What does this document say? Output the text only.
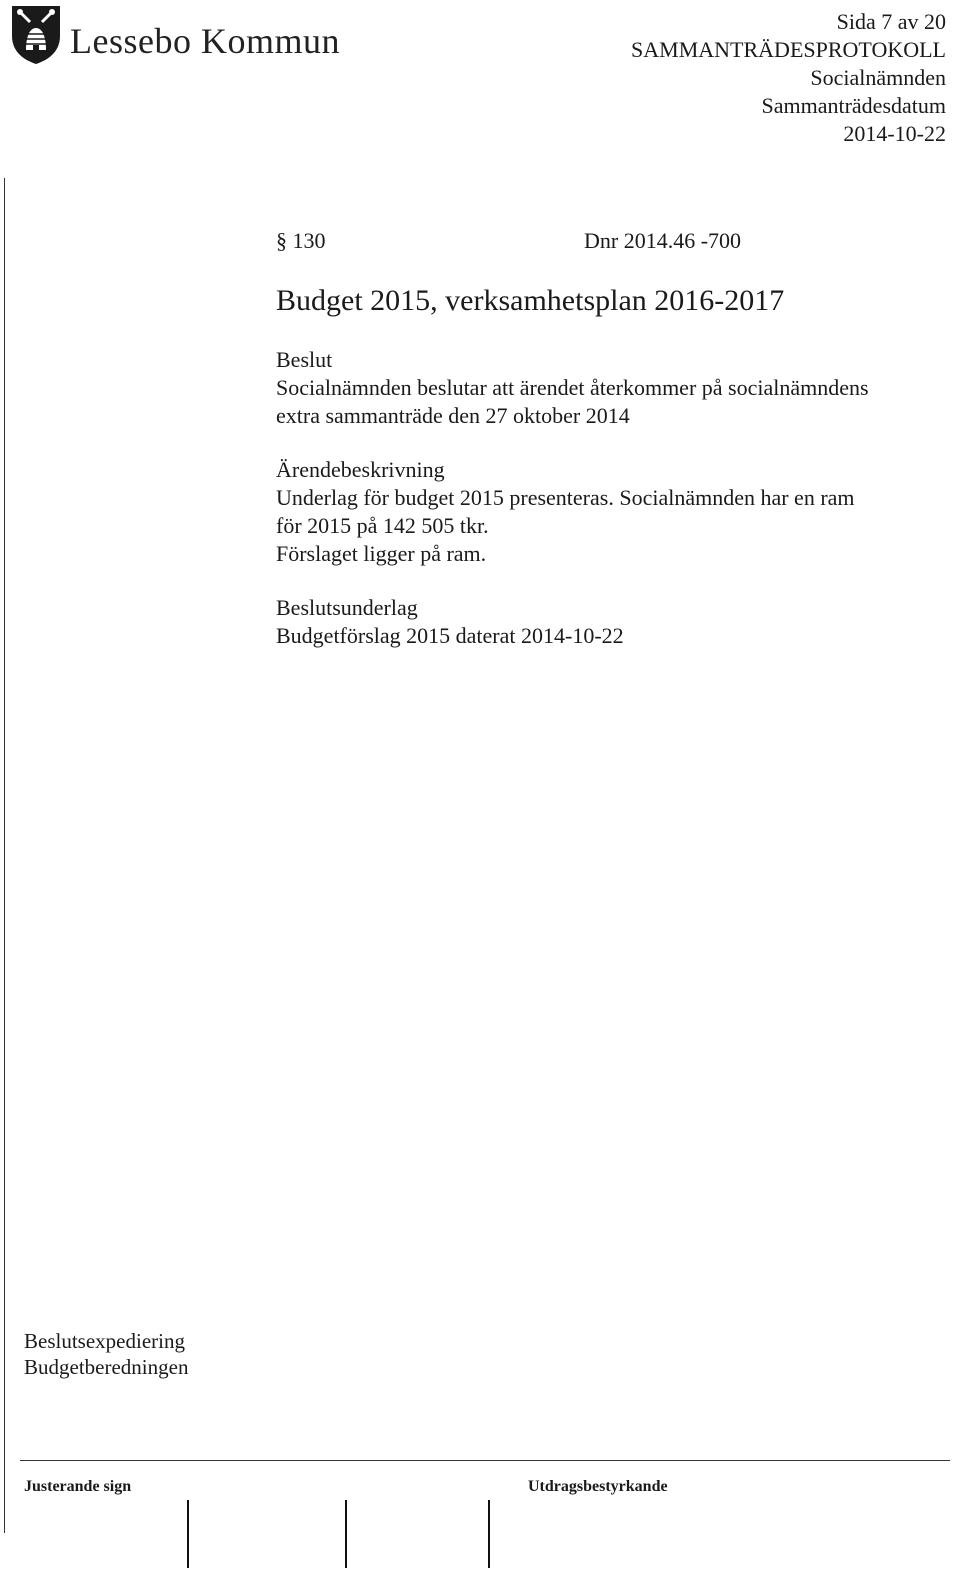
Lessebo Kommun	Sida 7 av 20
SAMMANTRÄDESPROTOKOLL
Socialnämnden
Sammanträdesdatum
2014-10-22
§ 130	Dnr 2014.46 -700
Budget 2015, verksamhetsplan 2016-2017

Beslut

Socialnämnden beslutar att ärendet återkommer på socialnämndens

extra sammanträde den 27 oktober 2014

Ärendebeskrivning

Underlag för budget 2015 presenteras. Socialnämnden har en ram

för 2015 på 142 505 tkr.

Förslaget ligger på ram.

Beslutsunderlag

Budgetförslag 2015 daterat 2014-10-22

Beslutsexpediering

Budgetberedningen

Justerande sign	Utdragsbestyrkande
